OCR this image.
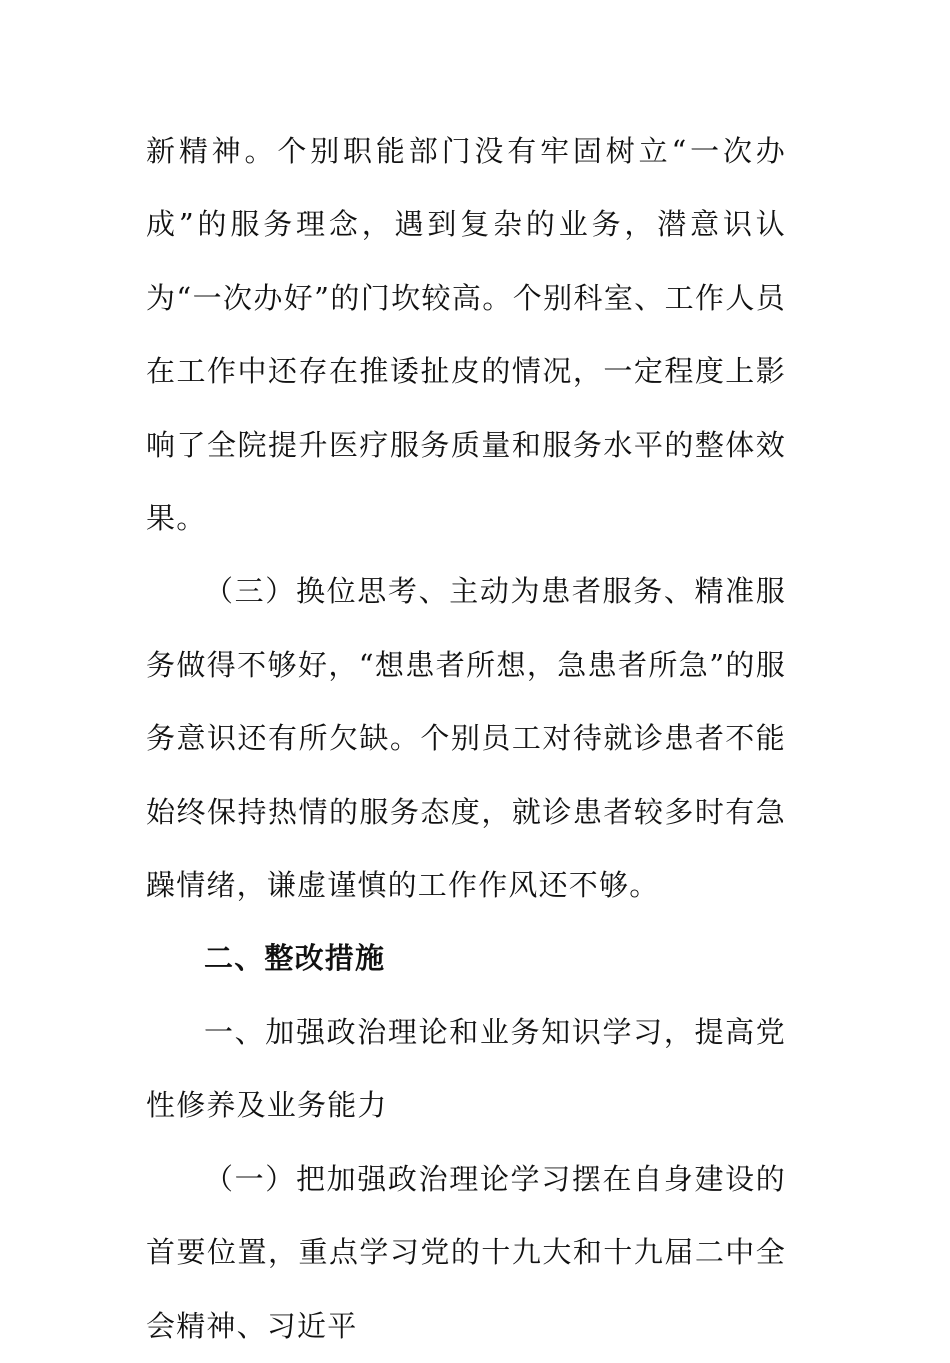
新精神。个别职能部门没有牢固树立“一次办成”的服务理念，遇到复杂的业务，潜意识认为“一次办好”的门坎较高。个别科室、工作人员在工作中还存在推诿扯皮的情况，一定程度上影响了全院提升医疗服务质量和服务水平的整体效果。

（三）换位思考、主动为患者服务、精准服务做得不够好，“想患者所想，急患者所急”的服务意识还有所欠缺。个别员工对待就诊患者不能始终保持热情的服务态度，就诊患者较多时有急躁情绪，谦虚谨慎的工作作风还不够。

二、整改措施

一、加强政治理论和业务知识学习，提高党性修养及业务能力

（一）把加强政治理论学习摆在自身建设的首要位置，重点学习党的十九大和十九届二中全会精神、习近平
